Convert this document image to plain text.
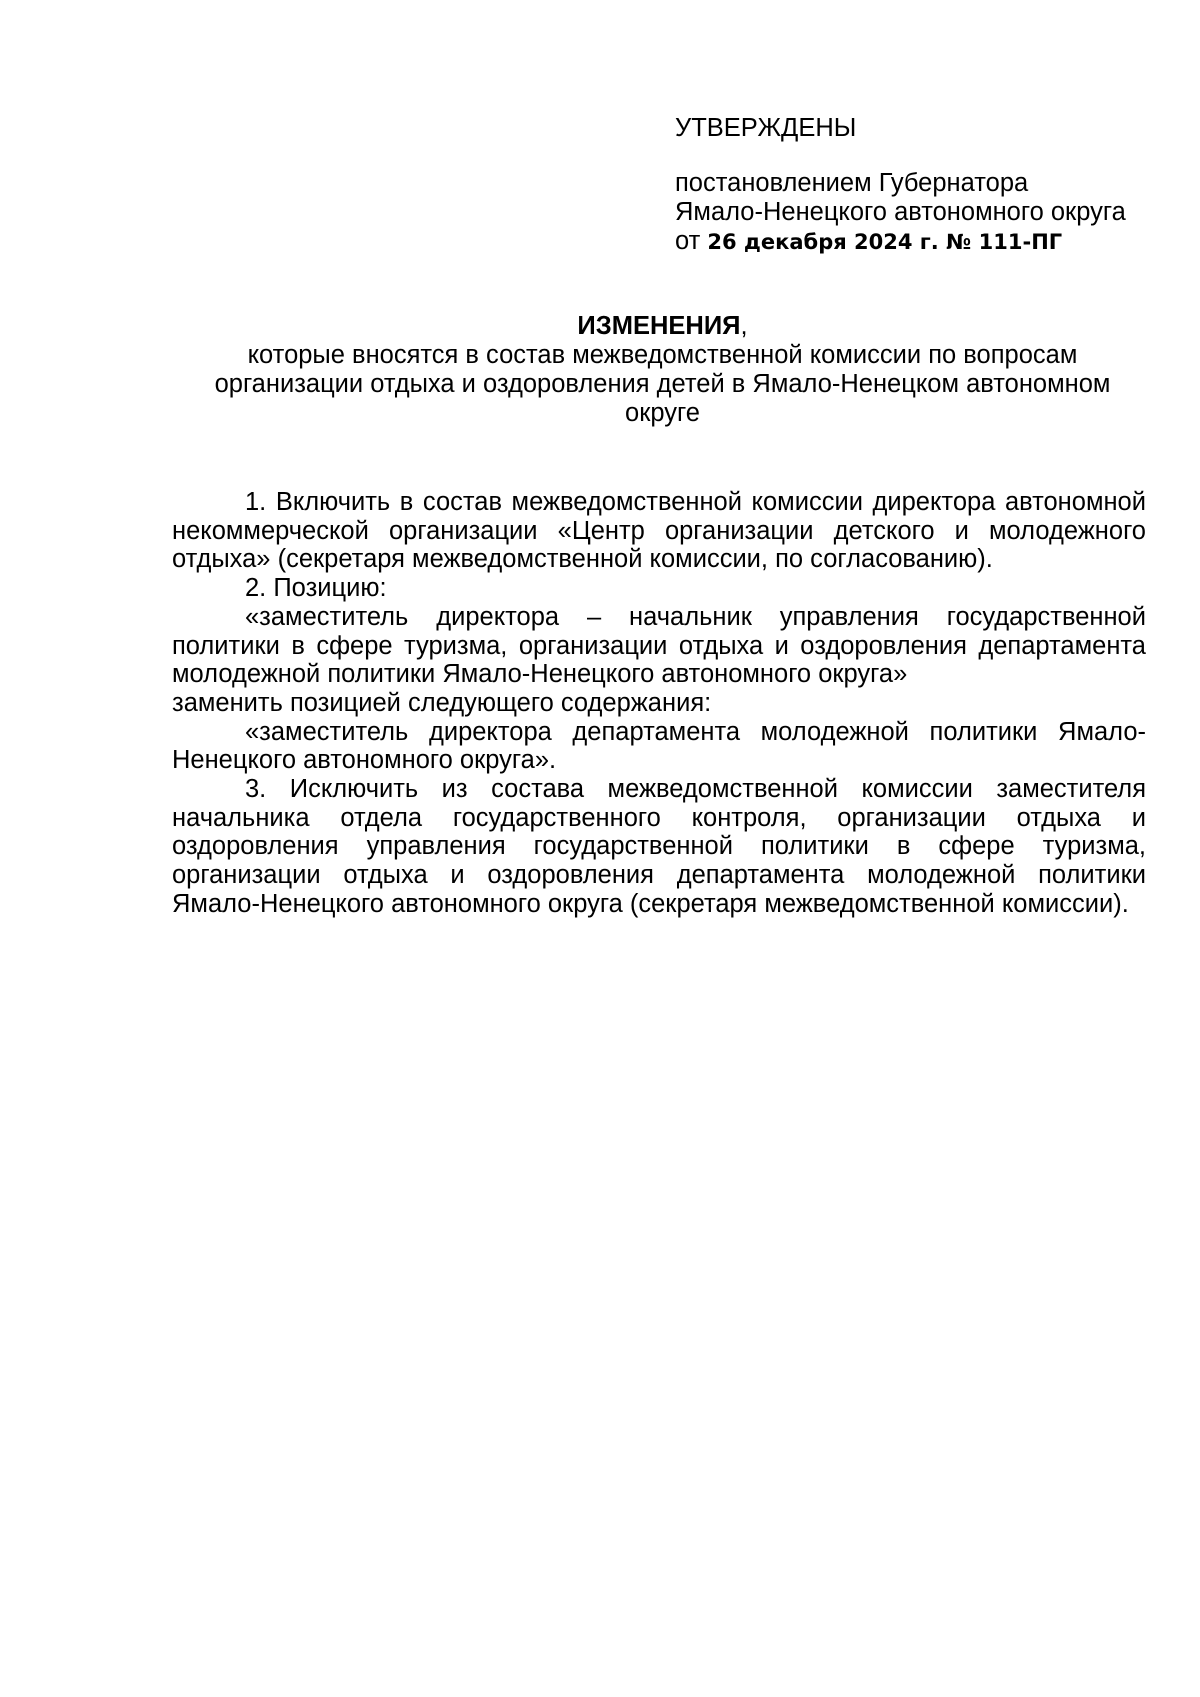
УТВЕРЖДЕНЫ
постановлением Губернатора
Ямало-Ненецкого автономного округа
от 26 декабря 2024 г. № 111-ПГ
ИЗМЕНЕНИЯ,
которые вносятся в состав межведомственной комиссии по вопросам организации отдыха и оздоровления детей в Ямало-Ненецком автономном округе

1. Включить в состав межведомственной комиссии директора автономной некоммерческой организации «Центр организации детского и молодежного отдыха» (секретаря межведомственной комиссии, по согласованию).

2. Позицию:

«заместитель директора – начальник управления государственной политики в сфере туризма, организации отдыха и оздоровления департамента молодежной политики Ямало-Ненецкого автономного округа»

заменить позицией следующего содержания:

«заместитель директора департамента молодежной политики Ямало-Ненецкого автономного округа».

3. Исключить из состава межведомственной комиссии заместителя начальника отдела государственного контроля, организации отдыха и оздоровления управления государственной политики в сфере туризма, организации отдыха и оздоровления департамента молодежной политики Ямало-Ненецкого автономного округа (секретаря межведомственной комиссии).
